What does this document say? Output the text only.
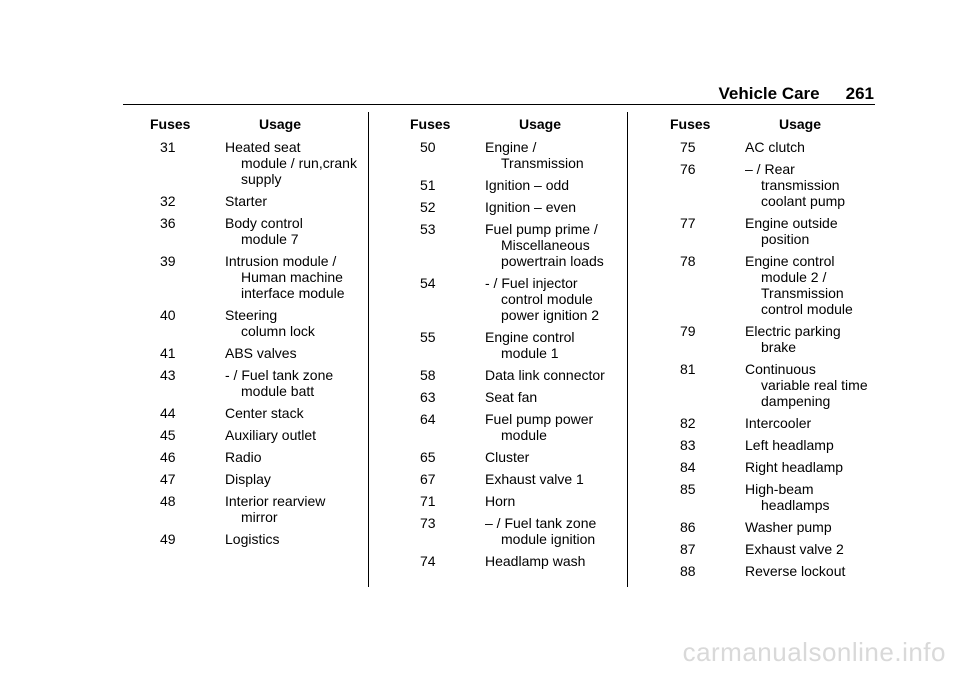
Vehicle Care 261
Fuses	Usage
31	Heated seat
module / run,crank
supply
32	Starter
36	Body control
module 7
39	Intrusion module /
Human machine
interface module
40	Steering
column lock
41	ABS valves
43	- / Fuel tank zone
module batt
44	Center stack
45	Auxiliary outlet
46	Radio
47	Display
48	Interior rearview
mirror
49	Logistics
Fuses	Usage
50	Engine /
Transmission
51	Ignition – odd
52	Ignition – even
53	Fuel pump prime /
Miscellaneous
powertrain loads
54	- / Fuel injector
control module
power ignition 2
55	Engine control
module 1
58	Data link connector
63	Seat fan
64	Fuel pump power
module
65	Cluster
67	Exhaust valve 1
71	Horn
73	– / Fuel tank zone
module ignition
74	Headlamp wash
Fuses	Usage
75	AC clutch
76	– / Rear
transmission
coolant pump
77	Engine outside
position
78	Engine control
module 2 /
Transmission
control module
79	Electric parking
brake
81	Continuous
variable real time
dampening
82	Intercooler
83	Left headlamp
84	Right headlamp
85	High-beam
headlamps
86	Washer pump
87	Exhaust valve 2
88	Reverse lockout
carmanualsonline.info
